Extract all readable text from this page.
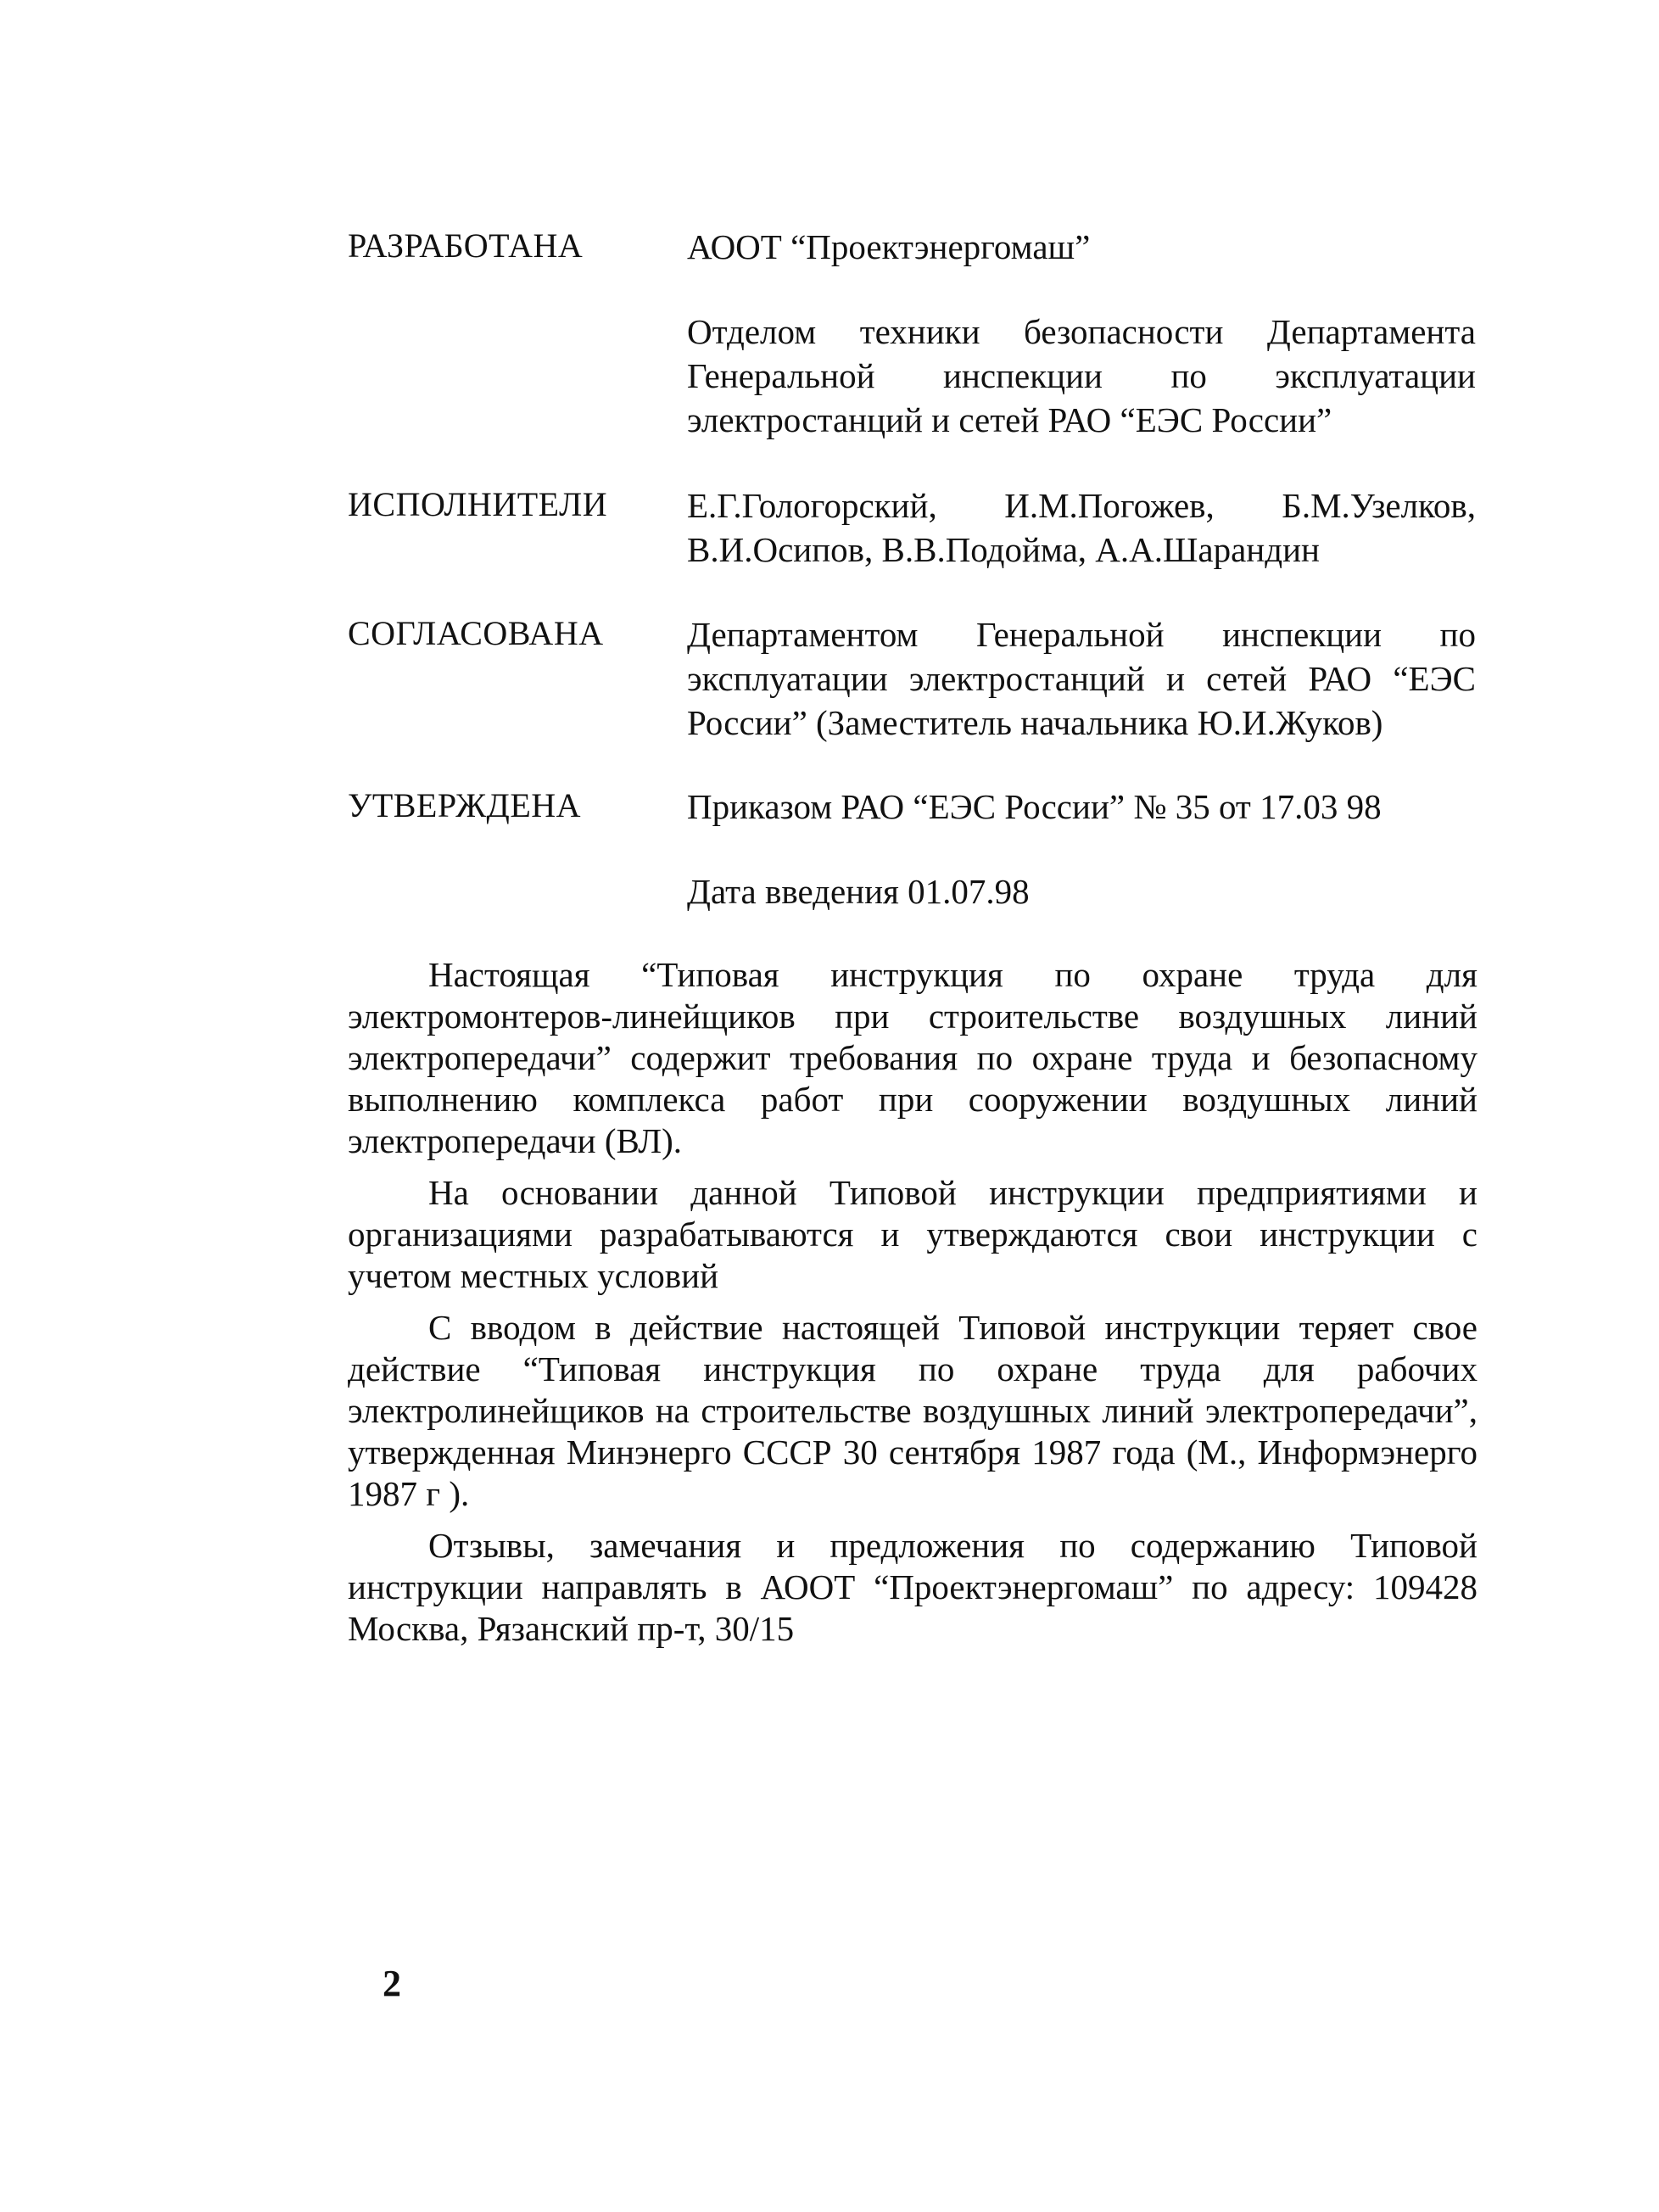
РАЗРАБОТАНА	АООТ “Проектэнергомаш”

Отделом техники безопасности Департамента Генеральной инспекции по эксплуатации электростанций и сетей РАО “ЕЭС России”

ИСПОЛНИТЕЛИ	Е.Г.Гологорский, И.М.Погожев, Б.М.Узелков, В.И.Осипов, В.В.Подойма, А.А.Шарандин

СОГЛАСОВАНА	Департаментом Генеральной инспекции по эксплуатации электростанций и сетей РАО “ЕЭС России” (Заместитель начальника Ю.И.Жуков)

УТВЕРЖДЕНА	Приказом РАО “ЕЭС России” № 35 от 17.03 98

Дата введения 01.07.98

Настоящая “Типовая инструкция по охране труда для электромонтеров-линейщиков при строительстве воздушных линий электропередачи” содержит требования по охране труда и безопасному выполнению комплекса работ при сооружении воздушных линий электропередачи (ВЛ).

На основании данной Типовой инструкции предприятиями и организациями разрабатываются и утверждаются свои инструкции с учетом местных условий

С вводом в действие настоящей Типовой инструкции теряет свое действие “Типовая инструкция по охране труда для рабочих электролинейщиков на строительстве воздушных линий электропередачи”, утвержденная Минэнерго СССР 30 сентября 1987 года (М., Информэнерго 1987 г ).

Отзывы, замечания и предложения по содержанию Типовой инструкции направлять в АООТ “Проектэнергомаш” по адресу: 109428 Москва, Рязанский пр-т, 30/15

2
